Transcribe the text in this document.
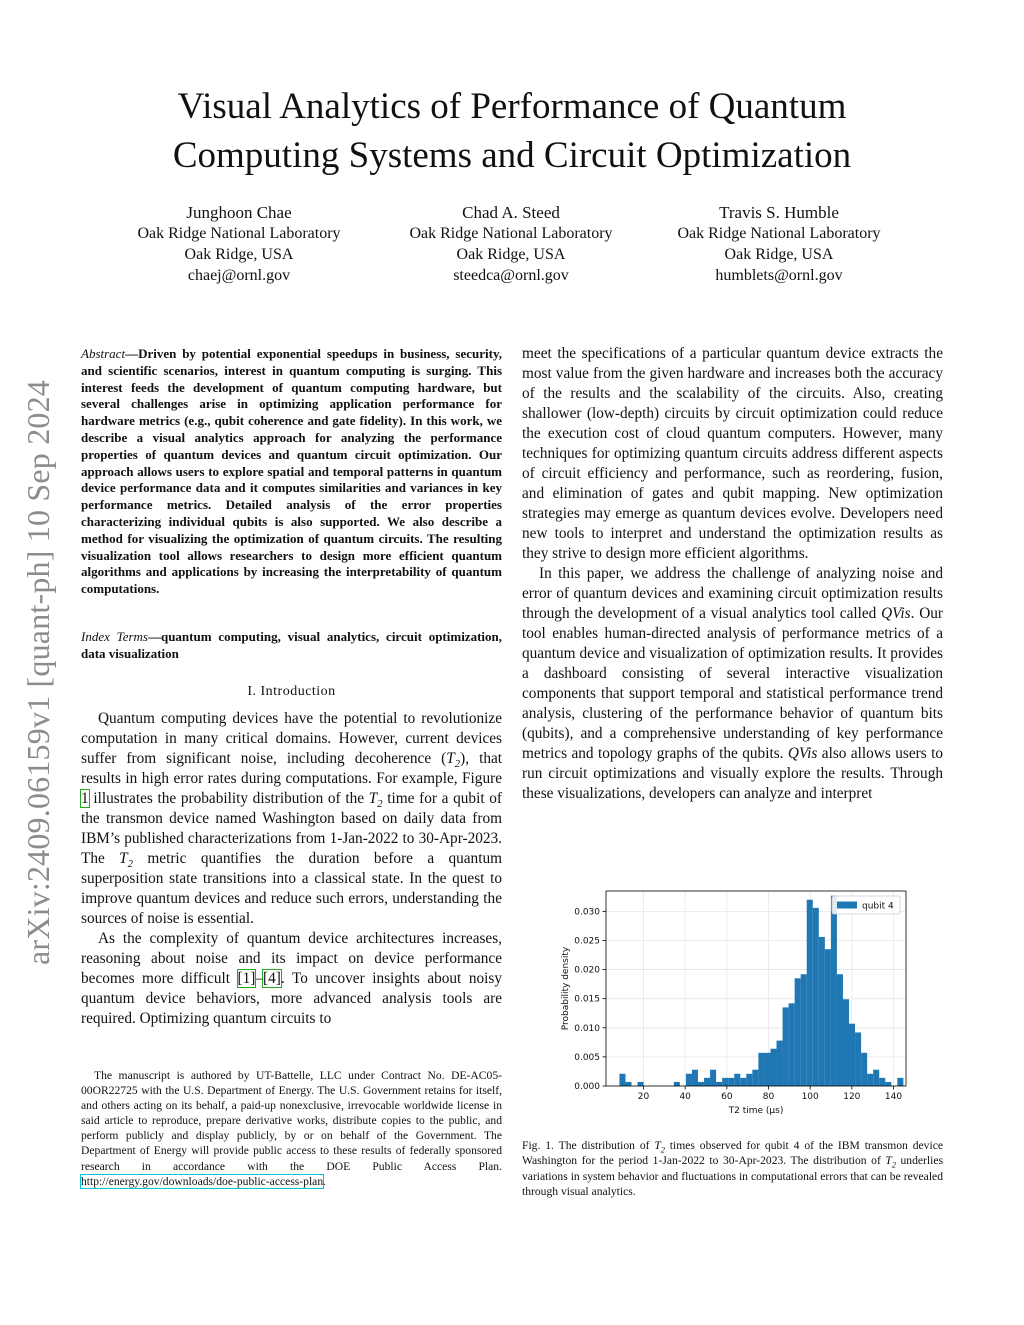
Visual Analytics of Performance of Quantum
Computing Systems and Circuit Optimization
Junghoon Chae
Oak Ridge National Laboratory
Oak Ridge, USA
chaej@ornl.gov
Chad A. Steed
Oak Ridge National Laboratory
Oak Ridge, USA
steedca@ornl.gov
Travis S. Humble
Oak Ridge National Laboratory
Oak Ridge, USA
humblets@ornl.gov
arXiv:2409.06159v1 [quant-ph] 10 Sep 2024
Abstract—Driven by potential exponential speedups in business, security, and scientific scenarios, interest in quantum computing is surging. This interest feeds the development of quantum computing hardware, but several challenges arise in optimizing application performance for hardware metrics (e.g., qubit coherence and gate fidelity). In this work, we describe a visual analytics approach for analyzing the performance properties of quantum devices and quantum circuit optimization. Our approach allows users to explore spatial and temporal patterns in quantum device performance data and it computes similarities and variances in key performance metrics. Detailed analysis of the error properties characterizing individual qubits is also supported. We also describe a method for visualizing the optimization of quantum circuits. The resulting visualization tool allows researchers to design more efficient quantum algorithms and applications by increasing the interpretability of quantum computations.
Index Terms—quantum computing, visual analytics, circuit optimization, data visualization
I. Introduction

Quantum computing devices have the potential to revolutionize computation in many critical domains. However, current devices suffer from significant noise, including decoherence $(T_2)$, that results in high error rates during computations. For example, Figure 1 illustrates the probability distribution of the $T_2$ time for a qubit of the transmon device named Washington based on daily data from IBM’s published characterizations from 1-Jan-2022 to 30-Apr-2023. The $T_2$ metric quantifies the duration before a quantum superposition state transitions into a classical state. In the quest to improve quantum devices and reduce such errors, understanding the sources of noise is essential.

As the complexity of quantum device architectures increases, reasoning about noise and its impact on device performance becomes more difficult [1]–[4]. To uncover insights about noisy quantum device behaviors, more advanced analysis tools are required. Optimizing quantum circuits to

meet the specifications of a particular quantum device extracts the most value from the given hardware and increases both the accuracy of the results and the scalability of the circuits. Also, creating shallower (low-depth) circuits by circuit optimization could reduce the execution cost of cloud quantum computers. However, many techniques for optimizing quantum circuits address different aspects of circuit efficiency and performance, such as reordering, fusion, and elimination of gates and qubit mapping. New optimization strategies may emerge as quantum devices evolve. Developers need new tools to interpret and understand the optimization results as they strive to design more efficient algorithms.

In this paper, we address the challenge of analyzing noise and error of quantum devices and examining circuit optimization results through the development of a visual analytics tool called QVis. Our tool enables human-directed analysis of performance metrics of a quantum device and visualization of optimization results. It provides a dashboard consisting of several interactive visualization components that support temporal and statistical performance trend analysis, clustering of the performance behavior of quantum bits (qubits), and a comprehensive understanding of key performance metrics and topology graphs of the qubits. QVis also allows users to run circuit optimizations and visually explore the results. Through these visualizations, developers can analyze and interpret

The manuscript is authored by UT-Battelle, LLC under Contract No. DE-AC05-00OR22725 with the U.S. Department of Energy. The U.S. Government retains for itself, and others acting on its behalf, a paid-up nonexclusive, irrevocable worldwide license in said article to reproduce, prepare derivative works, distribute copies to the public, and perform publicly and display publicly, by or on behalf of the Government. The Department of Energy will provide public access to these results of federally sponsored research in accordance with the DOE Public Access Plan. http://energy.gov/downloads/doe-public-access-plan.
20	40	60	80	100	120	140
0.000
0.005
0.010
0.015
0.020
0.025
0.030
T2 time (μs)
Probability density
qubit 4
Fig. 1. The distribution of $T_2$ times observed for qubit 4 of the IBM transmon device Washington for the period 1-Jan-2022 to 30-Apr-2023. The distribution of $T_2$ underlies variations in system behavior and fluctuations in computational errors that can be revealed through visual analytics.
